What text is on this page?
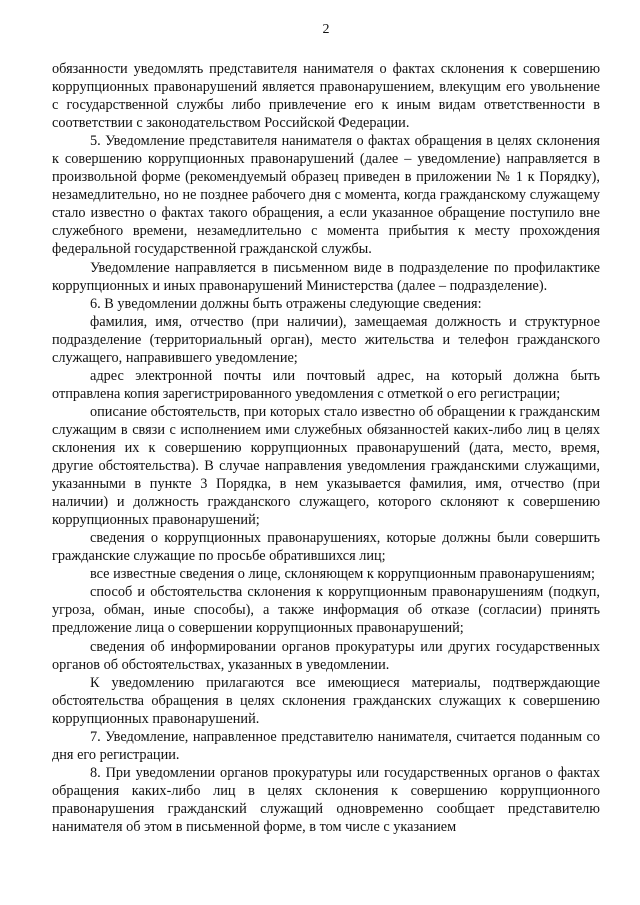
2

обязанности уведомлять представителя нанимателя о фактах склонения к совершению коррупционных правонарушений является правонарушением, влекущим его увольнение с государственной службы либо привлечение его к иным видам ответственности в соответствии с законодательством Российской Федерации.

5. Уведомление представителя нанимателя о фактах обращения в целях склонения к совершению коррупционных правонарушений (далее – уведомление) направляется в произвольной форме (рекомендуемый образец приведен в приложении № 1 к Порядку), незамедлительно, но не позднее рабочего дня с момента, когда гражданскому служащему стало известно о фактах такого обращения, а если указанное обращение поступило вне служебного времени, незамедлительно с момента прибытия к месту прохождения федеральной государственной гражданской службы.

Уведомление направляется в письменном виде в подразделение по профилактике коррупционных и иных правонарушений Министерства (далее – подразделение).

6. В уведомлении должны быть отражены следующие сведения:

фамилия, имя, отчество (при наличии), замещаемая должность и структурное подразделение (территориальный орган), место жительства и телефон гражданского служащего, направившего уведомление;

адрес электронной почты или почтовый адрес, на который должна быть отправлена копия зарегистрированного уведомления с отметкой о его регистрации;

описание обстоятельств, при которых стало известно об обращении к гражданским служащим в связи с исполнением ими служебных обязанностей каких-либо лиц в целях склонения их к совершению коррупционных правонарушений (дата, место, время, другие обстоятельства). В случае направления уведомления гражданскими служащими, указанными в пункте 3 Порядка, в нем указывается фамилия, имя, отчество (при наличии) и должность гражданского служащего, которого склоняют к совершению коррупционных правонарушений;

сведения о коррупционных правонарушениях, которые должны были совершить гражданские служащие по просьбе обратившихся лиц;

все известные сведения о лице, склоняющем к коррупционным правонарушениям;

способ и обстоятельства склонения к коррупционным правонарушениям (подкуп, угроза, обман, иные способы), а также информация об отказе (согласии) принять предложение лица о совершении коррупционных правонарушений;

сведения об информировании органов прокуратуры или других государственных органов об обстоятельствах, указанных в уведомлении.

К уведомлению прилагаются все имеющиеся материалы, подтверждающие обстоятельства обращения в целях склонения гражданских служащих к совершению коррупционных правонарушений.

7. Уведомление, направленное представителю нанимателя, считается поданным со дня его регистрации.

8. При уведомлении органов прокуратуры или государственных органов о фактах обращения каких-либо лиц в целях склонения к совершению коррупционного правонарушения гражданский служащий одновременно сообщает представителю нанимателя об этом в письменной форме, в том числе с указанием
